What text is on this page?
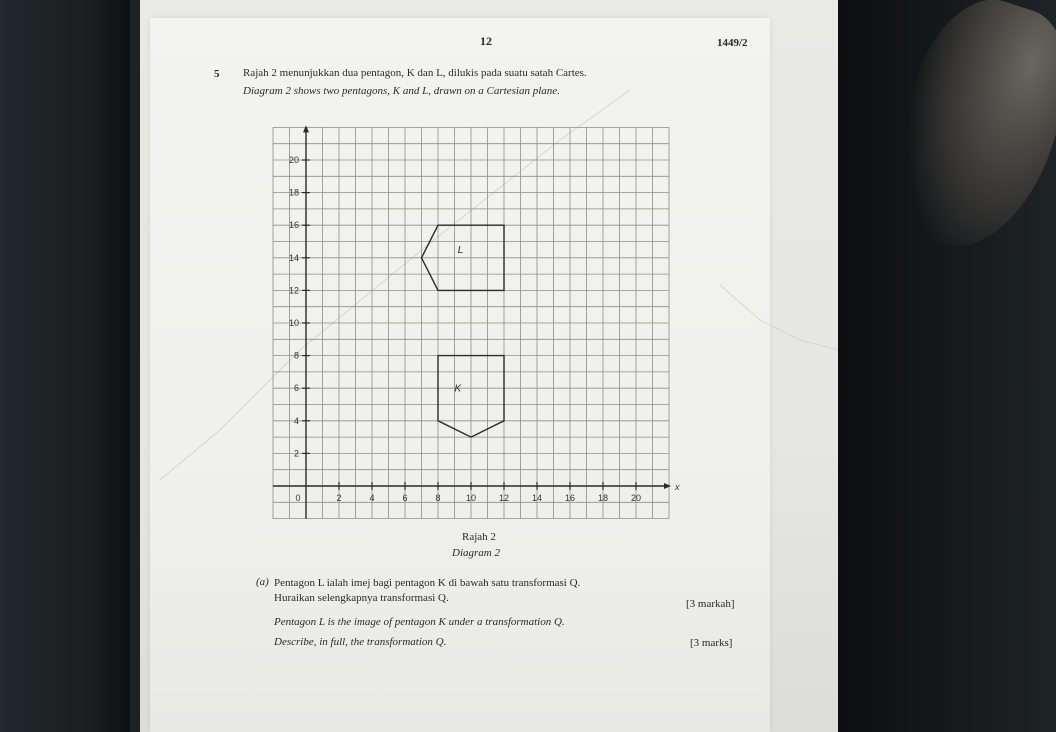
12	1449/2
5 Rajah 2 menunjukkan dua pentagon, K dan L, dilukis pada suatu satah Cartes.
Diagram 2 shows two pentagons, K and L, drawn on a Cartesian plane.
x
0	2	4	6	8	10	12	14	16	18	20
2
4
6
8
10
12
14
16
18
20
K
L
Rajah 2
Diagram 2
(a) Pentagon L ialah imej bagi pentagon K di bawah satu transformasi Q.
Huraikan selengkapnya transformasi Q.	[3 markah]
Pentagon L is the image of pentagon K under a transformation Q.
Describe, in full, the transformation Q.	[3 marks]
